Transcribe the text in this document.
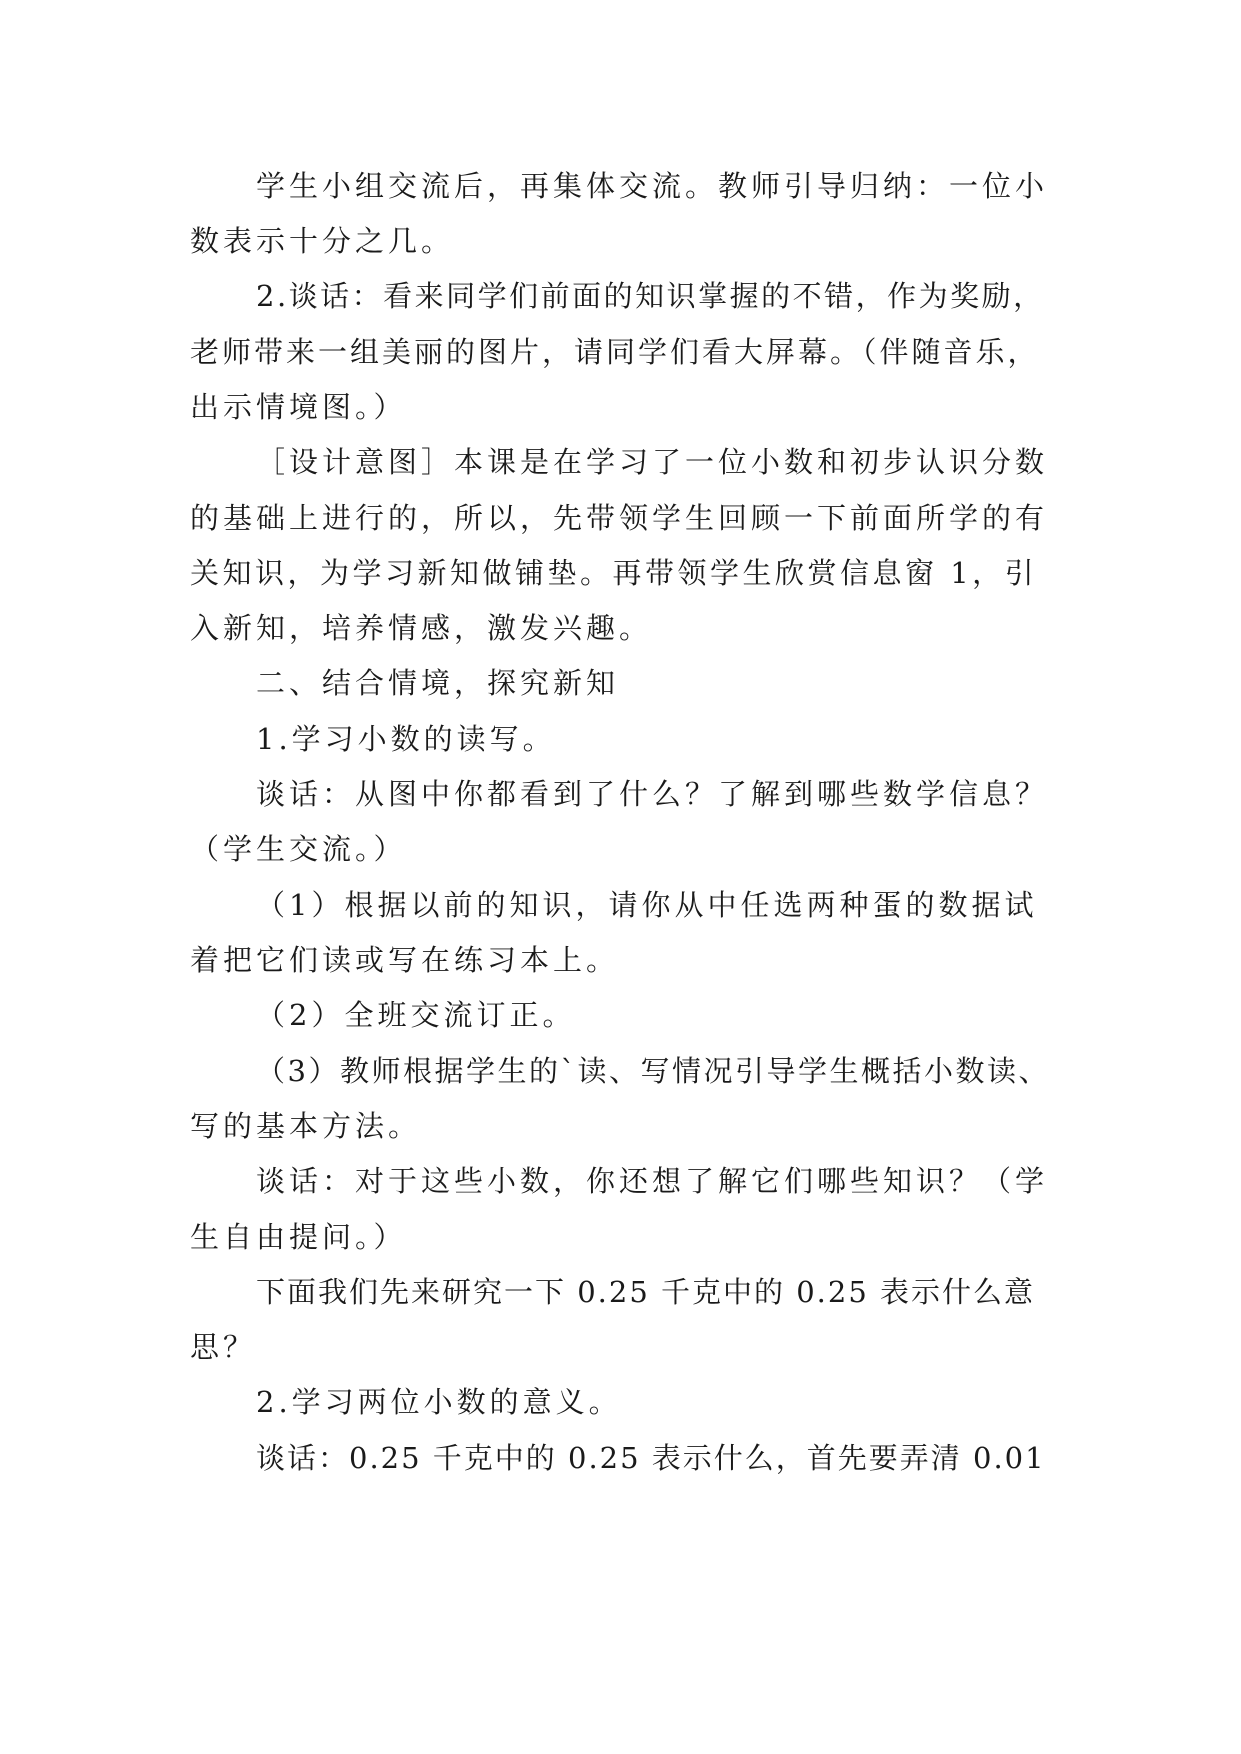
学生小组交流后，再集体交流。教师引导归纳：一位小
数表示十分之几。
2.谈话：看来同学们前面的知识掌握的不错，作为奖励，
老师带来一组美丽的图片，请同学们看大屏幕。（伴随音乐，
出示情境图。）
［设计意图］本课是在学习了一位小数和初步认识分数
的基础上进行的，所以，先带领学生回顾一下前面所学的有
关知识，为学习新知做铺垫。再带领学生欣赏信息窗 1，引
入新知，培养情感，激发兴趣。
二、结合情境，探究新知
1.学习小数的读写。
谈话：从图中你都看到了什么？了解到哪些数学信息？
（学生交流。）
（1）根据以前的知识，请你从中任选两种蛋的数据试
着把它们读或写在练习本上。
（2）全班交流订正。
（3）教师根据学生的`读、写情况引导学生概括小数读、
写的基本方法。
谈话：对于这些小数，你还想了解它们哪些知识？（学
生自由提问。）
下面我们先来研究一下 0.25 千克中的 0.25 表示什么意
思？
2.学习两位小数的意义。
谈话：0.25 千克中的 0.25 表示什么，首先要弄清 0.01
